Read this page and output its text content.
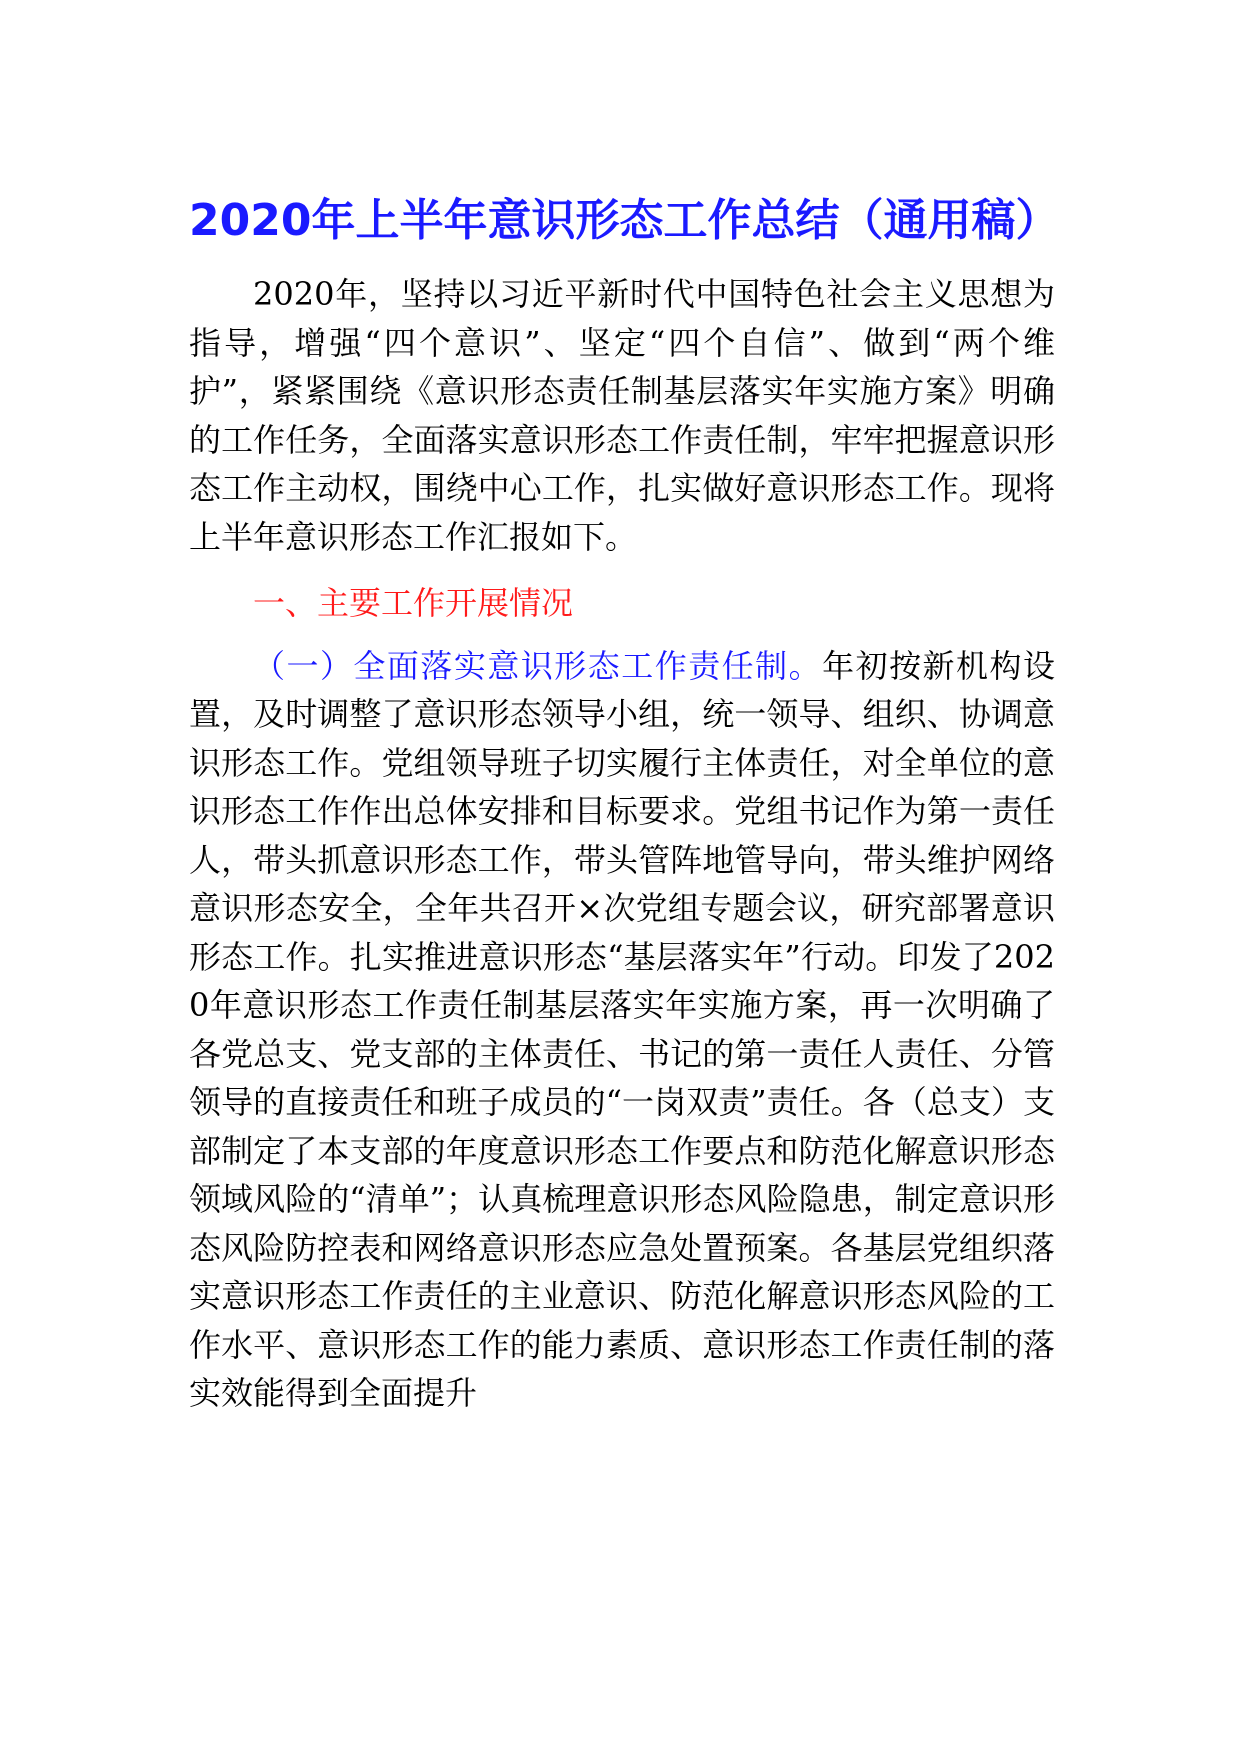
2020年上半年意识形态工作总结（通用稿）

2020年，坚持以习近平新时代中国特色社会主义思想为指导，增强“四个意识”、坚定“四个自信”、做到“两个维护”，紧紧围绕《意识形态责任制基层落实年实施方案》明确的工作任务，全面落实意识形态工作责任制，牢牢把握意识形态工作主动权，围绕中心工作，扎实做好意识形态工作。现将上半年意识形态工作汇报如下。

一、主要工作开展情况

（一）全面落实意识形态工作责任制。年初按新机构设置，及时调整了意识形态领导小组，统一领导、组织、协调意识形态工作。党组领导班子切实履行主体责任，对全单位的意识形态工作作出总体安排和目标要求。党组书记作为第一责任人，带头抓意识形态工作，带头管阵地管导向，带头维护网络意识形态安全，全年共召开×次党组专题会议，研究部署意识形态工作。扎实推进意识形态“基层落实年”行动。印发了2020年意识形态工作责任制基层落实年实施方案，再一次明确了各党总支、党支部的主体责任、书记的第一责任人责任、分管领导的直接责任和班子成员的“一岗双责”责任。各（总支）支部制定了本支部的年度意识形态工作要点和防范化解意识形态领域风险的“清单”；认真梳理意识形态风险隐患，制定意识形态风险防控表和网络意识形态应急处置预案。各基层党组织落实意识形态工作责任的主业意识、防范化解意识形态风险的工作水平、意识形态工作的能力素质、意识形态工作责任制的落实效能得到全面提升
